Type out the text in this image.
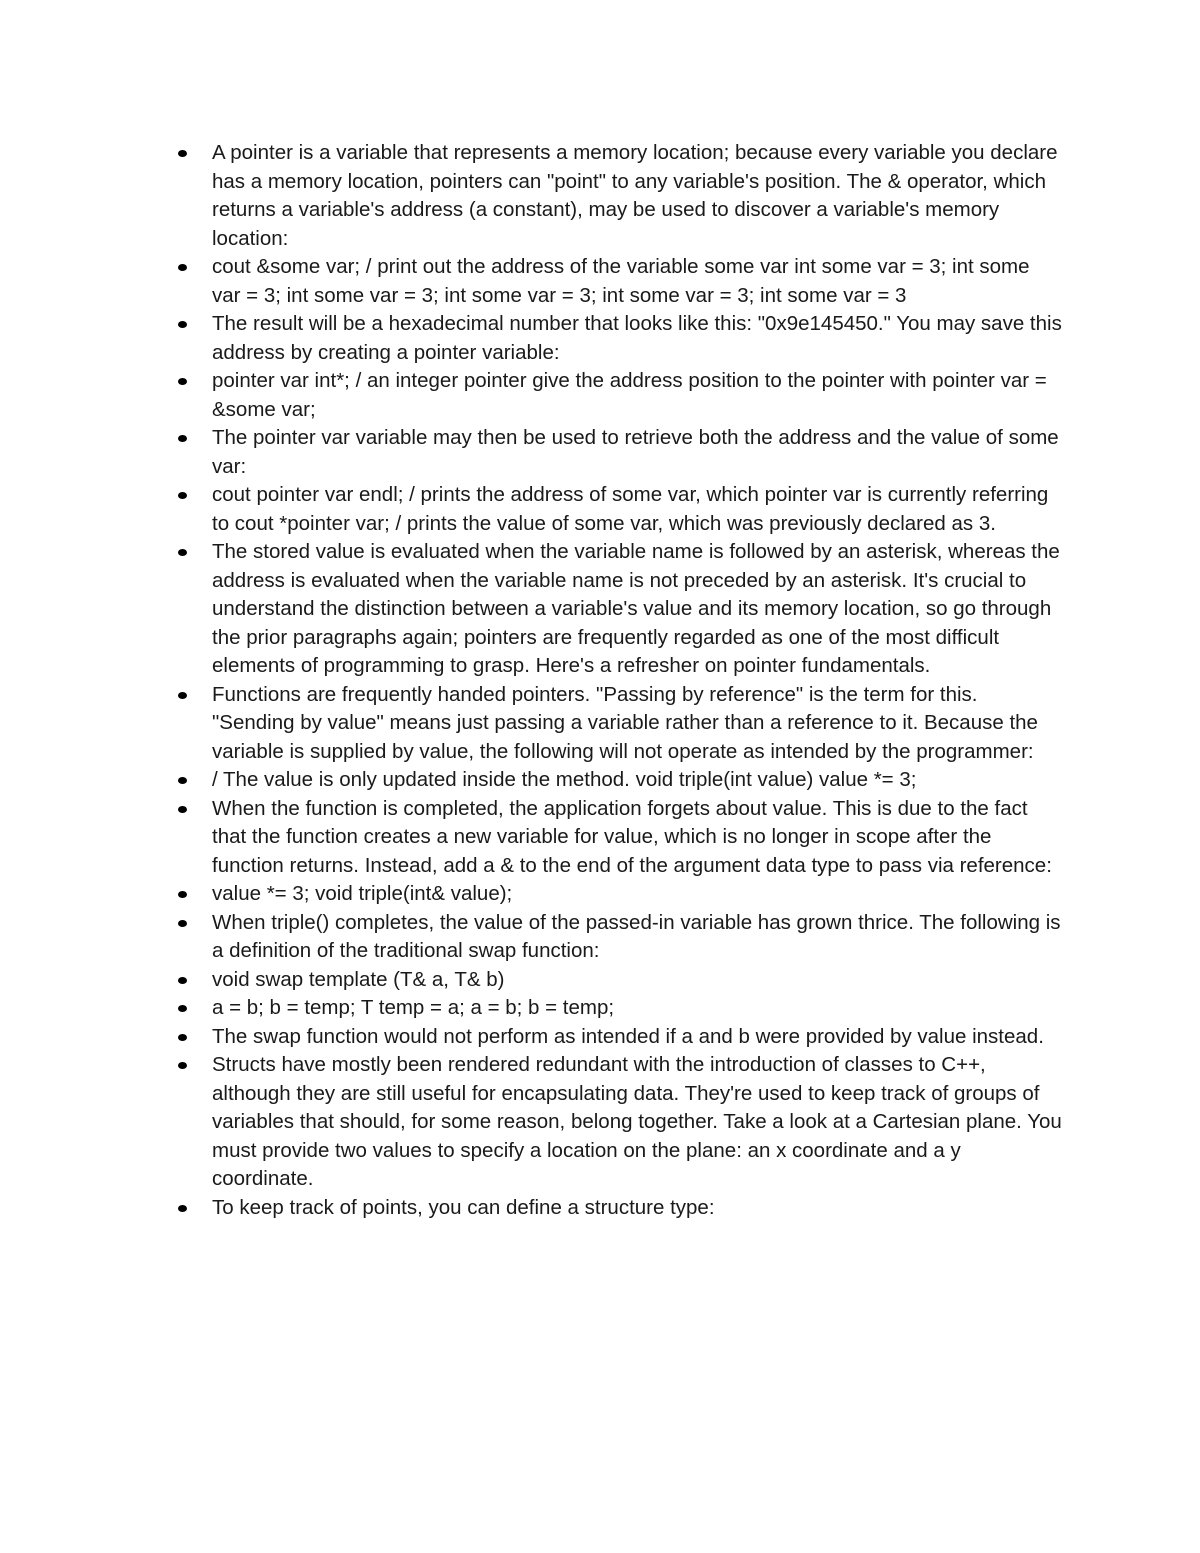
A pointer is a variable that represents a memory location; because every variable you declare has a memory location, pointers can "point" to any variable's position. The & operator, which returns a variable's address (a constant), may be used to discover a variable's memory location:
cout &some var; / print out the address of the variable some var int some var = 3; int some var = 3; int some var = 3; int some var = 3; int some var = 3; int some var = 3
The result will be a hexadecimal number that looks like this: "0x9e145450." You may save this address by creating a pointer variable:
pointer var int*; / an integer pointer give the address position to the pointer with pointer var = &some var;
The pointer var variable may then be used to retrieve both the address and the value of some var:
cout pointer var endl; / prints the address of some var, which pointer var is currently referring to cout *pointer var; / prints the value of some var, which was previously declared as 3.
The stored value is evaluated when the variable name is followed by an asterisk, whereas the address is evaluated when the variable name is not preceded by an asterisk. It's crucial to understand the distinction between a variable's value and its memory location, so go through the prior paragraphs again; pointers are frequently regarded as one of the most difficult elements of programming to grasp. Here's a refresher on pointer fundamentals.
Functions are frequently handed pointers. "Passing by reference" is the term for this. "Sending by value" means just passing a variable rather than a reference to it. Because the variable is supplied by value, the following will not operate as intended by the programmer:
/ The value is only updated inside the method. void triple(int value) value *= 3;
When the function is completed, the application forgets about value. This is due to the fact that the function creates a new variable for value, which is no longer in scope after the function returns. Instead, add a & to the end of the argument data type to pass via reference:
value *= 3; void triple(int& value);
When triple() completes, the value of the passed-in variable has grown thrice. The following is a definition of the traditional swap function:
void swap template (T& a, T& b)
a = b; b = temp; T temp = a; a = b; b = temp;
The swap function would not perform as intended if a and b were provided by value instead.
Structs have mostly been rendered redundant with the introduction of classes to C++, although they are still useful for encapsulating data. They're used to keep track of groups of variables that should, for some reason, belong together. Take a look at a Cartesian plane. You must provide two values to specify a location on the plane: an x coordinate and a y coordinate.
To keep track of points, you can define a structure type:
